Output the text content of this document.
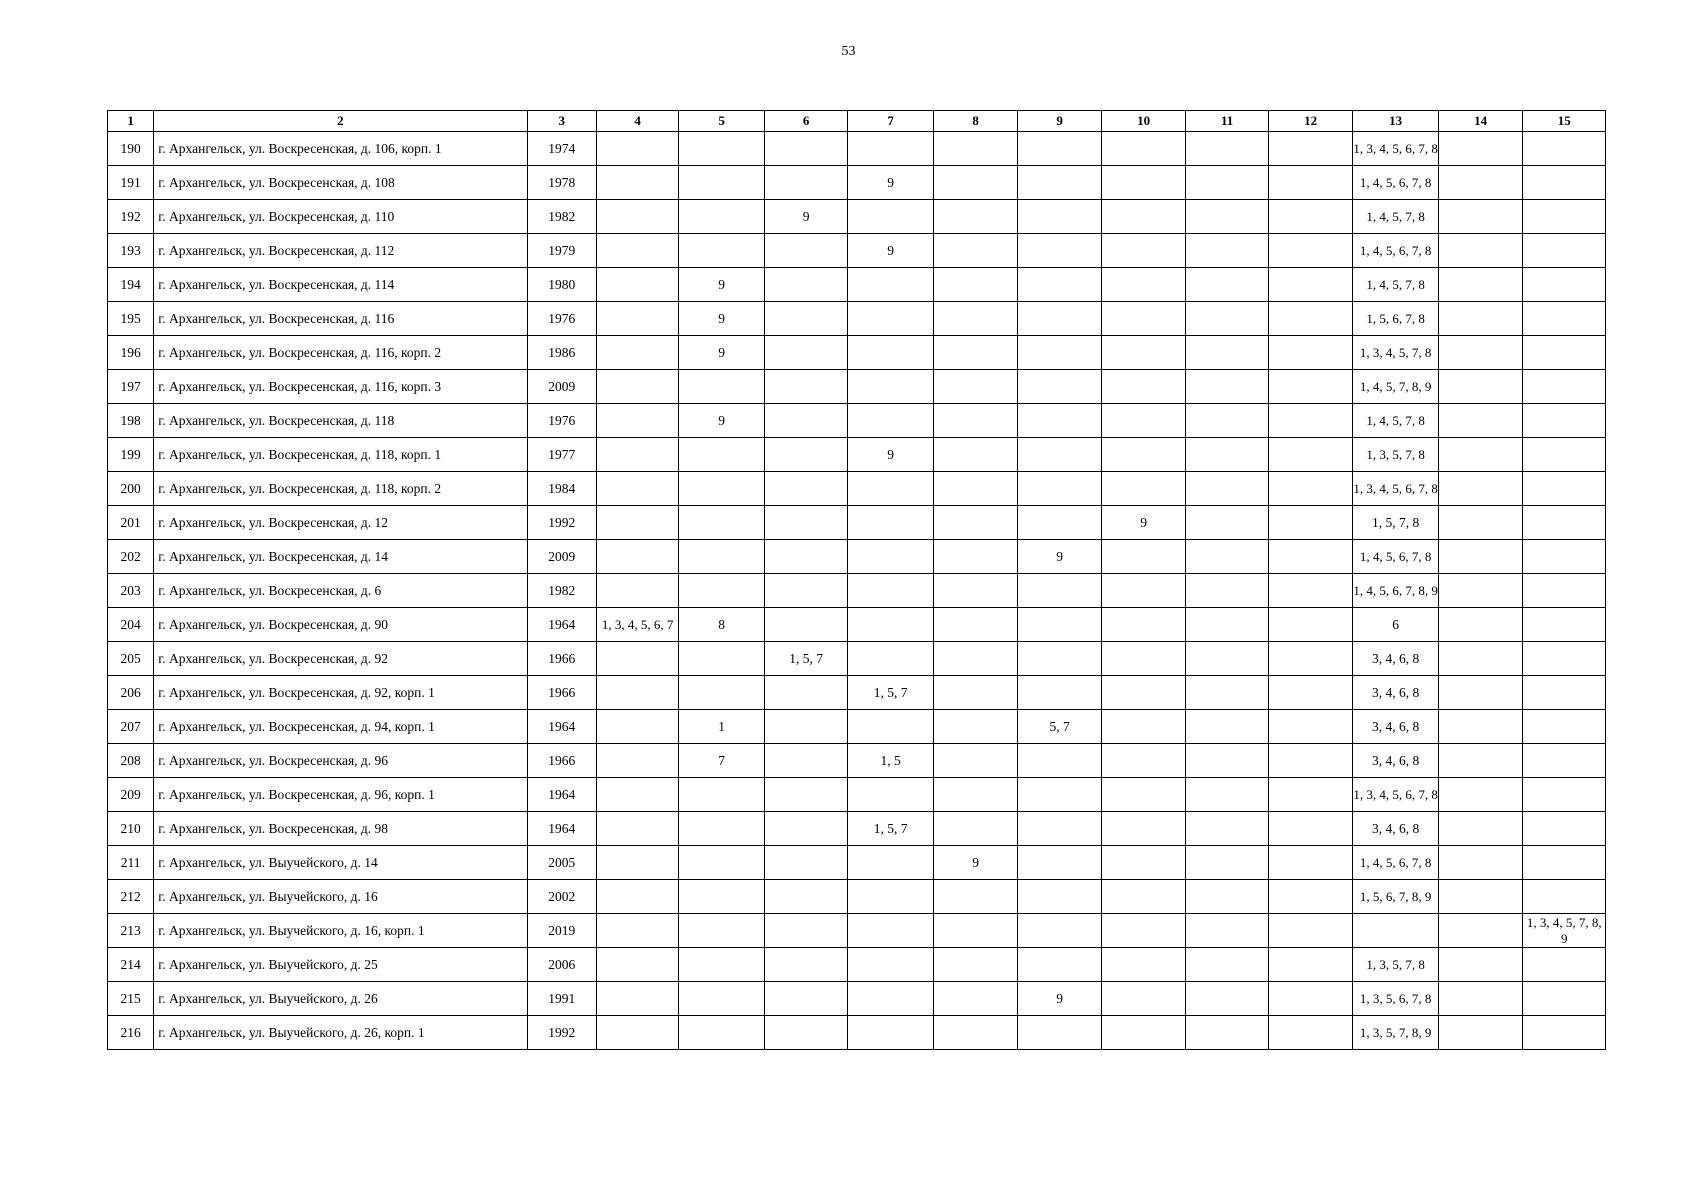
53
1	2	3	4	5	6	7	8	9	10	11	12	13	14	15
190	г. Архангельск, ул. Воскресенская, д. 106, корп. 1	1974										1, 3, 4, 5, 6, 7, 8		
191	г. Архангельск, ул. Воскресенская, д. 108	1978				9						1, 4, 5, 6, 7, 8		
192	г. Архангельск, ул. Воскресенская, д. 110	1982			9							1, 4, 5, 7, 8		
193	г. Архангельск, ул. Воскресенская, д. 112	1979				9						1, 4, 5, 6, 7, 8		
194	г. Архангельск, ул. Воскресенская, д. 114	1980		9								1, 4, 5, 7, 8		
195	г. Архангельск, ул. Воскресенская, д. 116	1976		9								1, 5, 6, 7, 8		
196	г. Архангельск, ул. Воскресенская, д. 116, корп. 2	1986		9								1, 3, 4, 5, 7, 8		
197	г. Архангельск, ул. Воскресенская, д. 116, корп. 3	2009										1, 4, 5, 7, 8, 9		
198	г. Архангельск, ул. Воскресенская, д. 118	1976		9								1, 4, 5, 7, 8		
199	г. Архангельск, ул. Воскресенская, д. 118, корп. 1	1977				9						1, 3, 5, 7, 8		
200	г. Архангельск, ул. Воскресенская, д. 118, корп. 2	1984										1, 3, 4, 5, 6, 7, 8		
201	г. Архангельск, ул. Воскресенская, д. 12	1992							9			1, 5, 7, 8		
202	г. Архангельск, ул. Воскресенская, д. 14	2009						9				1, 4, 5, 6, 7, 8		
203	г. Архангельск, ул. Воскресенская, д. 6	1982										1, 4, 5, 6, 7, 8, 9		
204	г. Архангельск, ул. Воскресенская, д. 90	1964	1, 3, 4, 5, 6, 7	8								6		
205	г. Архангельск, ул. Воскресенская, д. 92	1966			1, 5, 7							3, 4, 6, 8		
206	г. Архангельск, ул. Воскресенская, д. 92, корп. 1	1966				1, 5, 7						3, 4, 6, 8		
207	г. Архангельск, ул. Воскресенская, д. 94, корп. 1	1964		1				5, 7				3, 4, 6, 8		
208	г. Архангельск, ул. Воскресенская, д. 96	1966		7		1, 5						3, 4, 6, 8		
209	г. Архангельск, ул. Воскресенская, д. 96, корп. 1	1964										1, 3, 4, 5, 6, 7, 8		
210	г. Архангельск, ул. Воскресенская, д. 98	1964				1, 5, 7						3, 4, 6, 8		
211	г. Архангельск, ул. Выучейского, д. 14	2005					9					1, 4, 5, 6, 7, 8		
212	г. Архангельск, ул. Выучейского, д. 16	2002										1, 5, 6, 7, 8, 9		
213	г. Архангельск, ул. Выучейского, д. 16, корп. 1	2019												1, 3, 4, 5, 7, 8, 9
214	г. Архангельск, ул. Выучейского, д. 25	2006										1, 3, 5, 7, 8		
215	г. Архангельск, ул. Выучейского, д. 26	1991						9				1, 3, 5, 6, 7, 8		
216	г. Архангельск, ул. Выучейского, д. 26, корп. 1	1992										1, 3, 5, 7, 8, 9		
